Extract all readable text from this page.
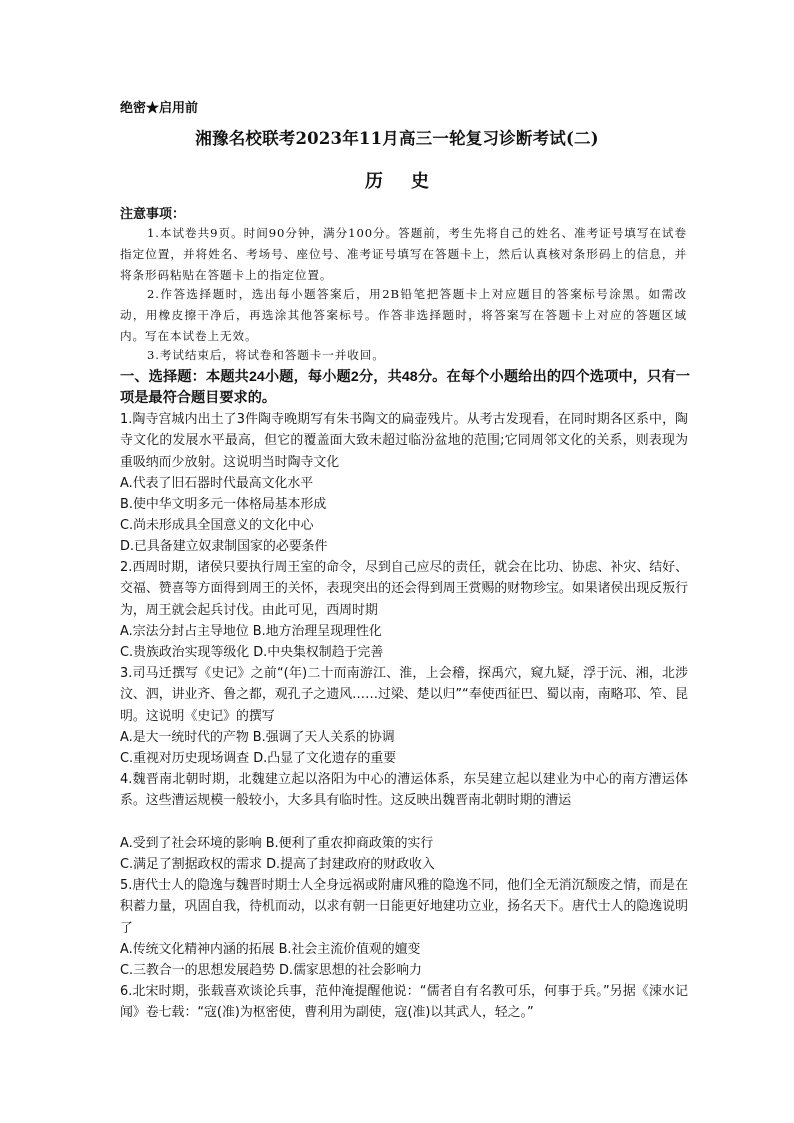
绝密★启用前
湘豫名校联考2023年11月高三一轮复习诊断考试(二)
历史
注意事项：
1.本试卷共9页。时间90分钟，满分100分。答题前，考生先将自己的姓名、准考证号填写在试卷指定位置，并将姓名、考场号、座位号、准考证号填写在答题卡上，然后认真核对条形码上的信息，并将条形码粘贴在答题卡上的指定位置。
2.作答选择题时，选出每小题答案后，用2B铅笔把答题卡上对应题目的答案标号涂黑。如需改动，用橡皮擦干净后，再选涂其他答案标号。作答非选择题时，将答案写在答题卡上对应的答题区域内。写在本试卷上无效。
3.考试结束后，将试卷和答题卡一并收回。
一、选择题：本题共24小题，每小题2分，共48分。在每个小题给出的四个选项中，只有一项是最符合题目要求的。
1.陶寺宫城内出土了3件陶寺晚期写有朱书陶文的扁壶残片。从考古发现看，在同时期各区系中，陶寺文化的发展水平最高，但它的覆盖面大致未超过临汾盆地的范围;它同周邻文化的关系，则表现为重吸纳而少放射。这说明当时陶寺文化
A.代表了旧石器时代最高文化水平
B.使中华文明多元一体格局基本形成
C.尚未形成具全国意义的文化中心
D.已具备建立奴隶制国家的必要条件
2.西周时期，诸侯只要执行周王室的命令，尽到自己应尽的责任，就会在比功、协虑、补灾、结好、交福、赞喜等方面得到周王的关怀，表现突出的还会得到周王赏赐的财物珍宝。如果诸侯出现反叛行为，周王就会起兵讨伐。由此可见，西周时期
A.宗法分封占主导地位 B.地方治理呈现理性化
C.贵族政治实现等级化 D.中央集权制趋于完善
3.司马迁撰写《史记》之前“(年)二十而南游江、淮，上会稽，探禹穴，窥九疑，浮于沅、湘，北涉汶、泗，讲业齐、鲁之都，观孔子之遗风……过梁、楚以归”“奉使西征巴、蜀以南，南略邛、笮、昆明。这说明《史记》的撰写
A.是大一统时代的产物 B.强调了天人关系的协调
C.重视对历史现场调查 D.凸显了文化遗存的重要
4.魏晋南北朝时期，北魏建立起以洛阳为中心的漕运体系，东吴建立起以建业为中心的南方漕运体系。这些漕运规模一般较小，大多具有临时性。这反映出魏晋南北朝时期的漕运
A.受到了社会环境的影响 B.便利了重农抑商政策的实行
C.满足了割据政权的需求 D.提高了封建政府的财政收入
5.唐代士人的隐逸与魏晋时期士人全身远祸或附庸风雅的隐逸不同，他们全无消沉颓废之情，而是在积蓄力量，巩固自我，待机而动，以求有朝一日能更好地建功立业，扬名天下。唐代士人的隐逸说明了
A.传统文化精神内涵的拓展 B.社会主流价值观的嬗变
C.三教合一的思想发展趋势 D.儒家思想的社会影响力
6.北宋时期，张载喜欢谈论兵事，范仲淹提醒他说：“儒者自有名教可乐，何事于兵。”另据《涑水记闻》卷七载：“寇(准)为枢密使，曹利用为副使，寇(准)以其武人，轻之。”
